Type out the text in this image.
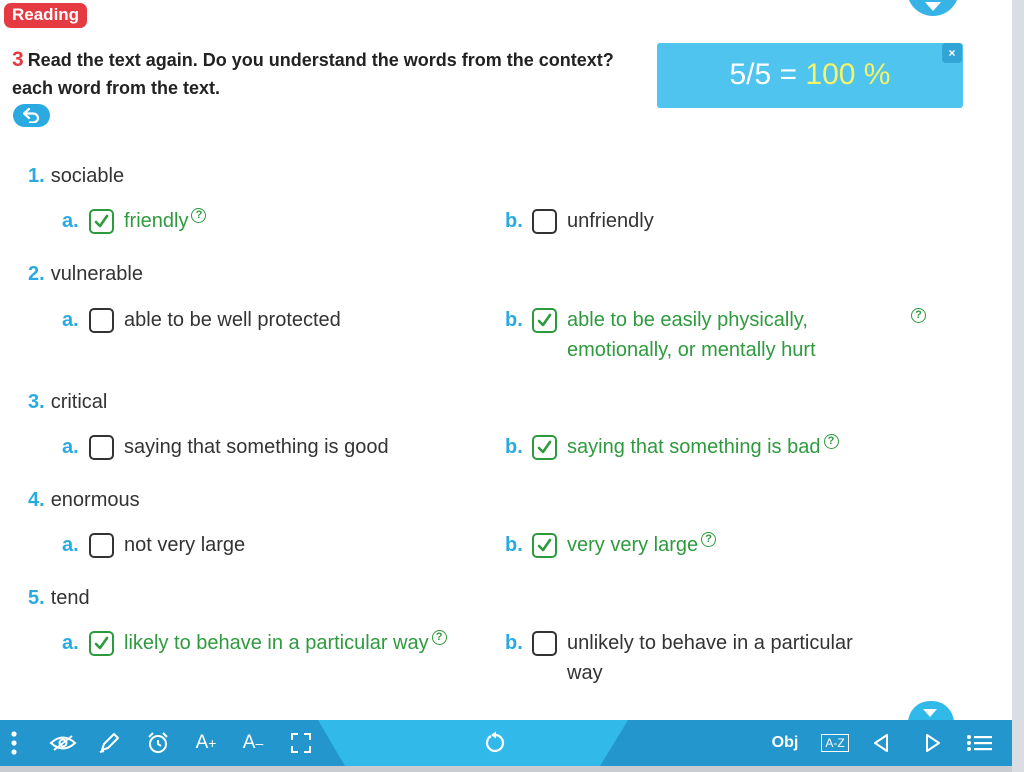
Reading
3 Read the text again. Do you understand the words from the context?
each word from the text.	5/5 = 100 %
×
1. sociable
a. friendly ?	b. unfriendly
2. vulnerable
a. able to be well protected	b. able to be easily physically,
emotionally, or mentally hurt
?
3. critical
a. saying that something is good	b. saying that something is bad ?
4. enormous
a. not very large	b. very very large ?
5. tend
a. likely to behave in a particular way ?	b. unlikely to behave in a particular
way
A + A –	Obj	A-Z
